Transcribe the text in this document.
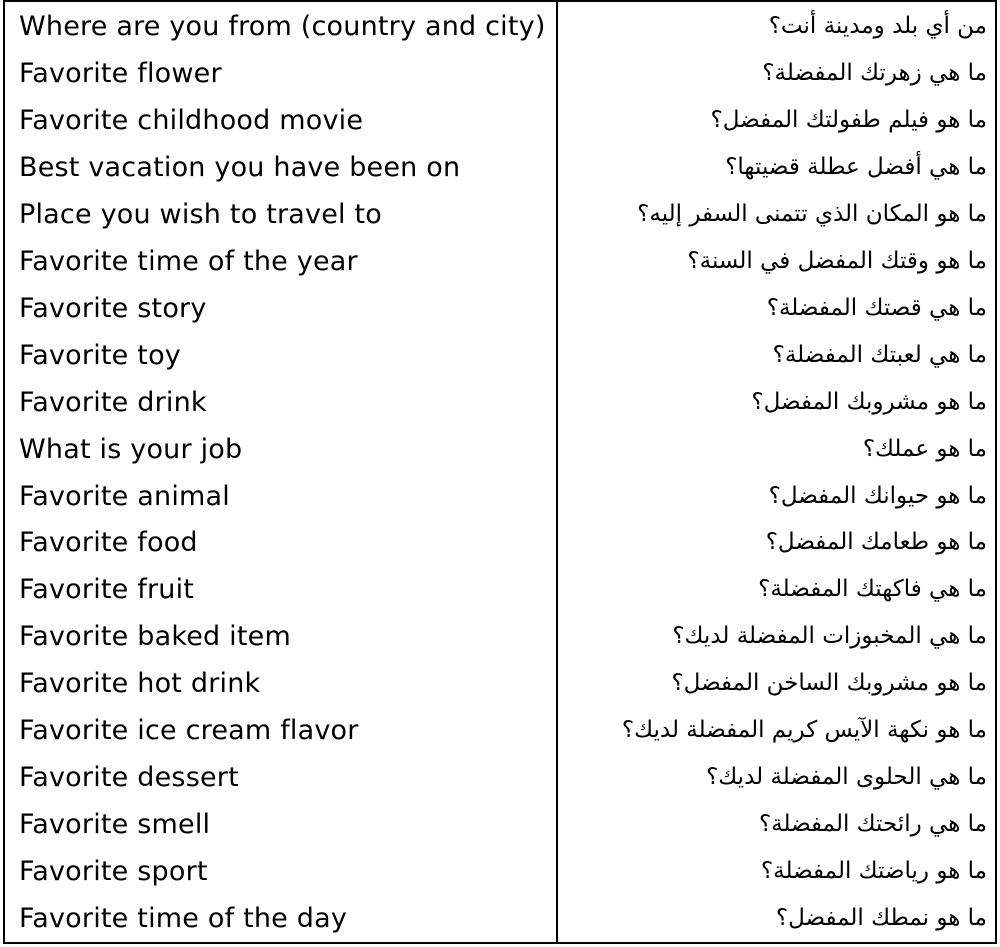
Where are you from (country and city)
Favorite flower
Favorite childhood movie
Best vacation you have been on
Place you wish to travel to
Favorite time of the year
Favorite story
Favorite toy
Favorite drink
What is your job
Favorite animal
Favorite food
Favorite fruit
Favorite baked item
Favorite hot drink
Favorite ice cream flavor
Favorite dessert
Favorite smell
Favorite sport
Favorite time of the day
من أي بلد ومدينة أنت؟
ما هي زهرتك المفضلة؟
ما هو فيلم طفولتك المفضل؟
ما هي أفضل عطلة قضيتها؟
ما هو المكان الذي تتمنى السفر إليه؟
ما هو وقتك المفضل في السنة؟
ما هي قصتك المفضلة؟
ما هي لعبتك المفضلة؟
ما هو مشروبك المفضل؟
ما هو عملك؟
ما هو حيوانك المفضل؟
ما هو طعامك المفضل؟
ما هي فاكهتك المفضلة؟
ما هي المخبوزات المفضلة لديك؟
ما هو مشروبك الساخن المفضل؟
ما هو نكهة الآيس كريم المفضلة لديك؟
ما هي الحلوى المفضلة لديك؟
ما هي رائحتك المفضلة؟
ما هو رياضتك المفضلة؟
ما هو نمطك المفضل؟
